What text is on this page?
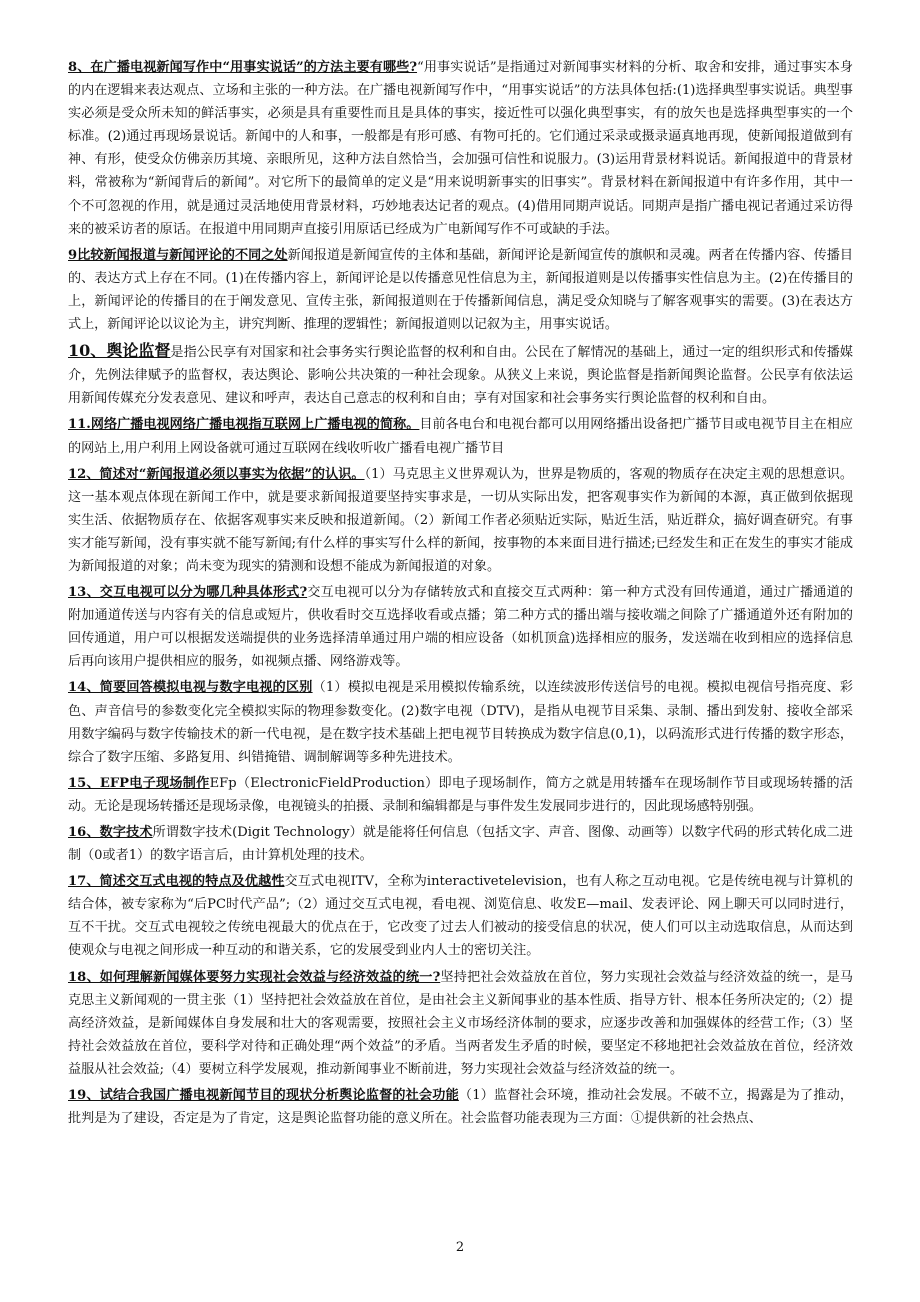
8、在广播电视新闻写作中“用事实说话”的方法主要有哪些?“用事实说话”是指通过对新闻事实材料的分析、取舍和安排，通过事实本身的内在逻辑来表达观点、立场和主张的一种方法。在广播电视新闻写作中，“用事实说话”的方法具体包括:(1)选择典型事实说话。典型事实必须是受众所未知的鲜活事实，必须是具有重要性而且是具体的事实，接近性可以强化典型事实，有的放矢也是选择典型事实的一个标准。(2)通过再现场景说话。新闻中的人和事，一般都是有形可感、有物可托的。它们通过采录或摄录逼真地再现，使新闻报道做到有神、有形，使受众仿佛亲历其境、亲眼所见，这种方法自然恰当，会加强可信性和说服力。(3)运用背景材料说话。新闻报道中的背景材料，常被称为“新闻背后的新闻”。对它所下的最简单的定义是“用来说明新事实的旧事实”。背景材料在新闻报道中有许多作用，其中一个不可忽视的作用，就是通过灵活地使用背景材料，巧妙地表达记者的观点。(4)借用同期声说话。同期声是指广播电视记者通过采访得来的被采访者的原话。在报道中用同期声直接引用原话已经成为广电新闻写作不可或缺的手法。

9比较新闻报道与新闻评论的不同之处新闻报道是新闻宣传的主体和基础，新闻评论是新闻宣传的旗帜和灵魂。两者在传播内容、传播目的、表达方式上存在不同。(1)在传播内容上，新闻评论是以传播意见性信息为主，新闻报道则是以传播事实性信息为主。(2)在传播目的上，新闻评论的传播目的在于阐发意见、宣传主张，新闻报道则在于传播新闻信息，满足受众知晓与了解客观事实的需要。(3)在表达方式上，新闻评论以议论为主，讲究判断、推理的逻辑性；新闻报道则以记叙为主，用事实说话。

10、舆论监督是指公民享有对国家和社会事务实行舆论监督的权利和自由。公民在了解情况的基础上，通过一定的组织形式和传播媒介，先例法律赋予的监督权，表达舆论、影响公共决策的一种社会现象。从狭义上来说，舆论监督是指新闻舆论监督。公民享有依法运用新闻传媒充分发表意见、建议和呼声，表达自己意志的权利和自由；享有对国家和社会事务实行舆论监督的权利和自由。

11.网络广播电视网络广播电视指互联网上广播电视的简称。目前各电台和电视台都可以用网络播出设备把广播节目或电视节目主在相应的网站上,用户利用上网设备就可通过互联网在线收听收广播看电视广播节目

12、简述对“新闻报道必须以事实为依据”的认识。（1）马克思主义世界观认为，世界是物质的，客观的物质存在决定主观的思想意识。这一基本观点体现在新闻工作中，就是要求新闻报道要坚持实事求是，一切从实际出发，把客观事实作为新闻的本源，真正做到依据现实生活、依据物质存在、依据客观事实来反映和报道新闻。（2）新闻工作者必须贴近实际，贴近生活，贴近群众，搞好调查研究。有事实才能写新闻，没有事实就不能写新闻;有什么样的事实写什么样的新闻，按事物的本来面目进行描述;已经发生和正在发生的事实才能成为新闻报道的对象；尚未变为现实的猜测和设想不能成为新闻报道的对象。

13、交互电视可以分为哪几种具体形式?交互电视可以分为存储转放式和直接交互式两种：第一种方式没有回传通道，通过广播通道的附加通道传送与内容有关的信息或短片，供收看时交互选择收看或点播；第二种方式的播出端与接收端之间除了广播通道外还有附加的回传通道，用户可以根据发送端提供的业务选择清单通过用户端的相应设备（如机顶盒)选择相应的服务，发送端在收到相应的选择信息后再向该用户提供相应的服务，如视频点播、网络游戏等。

14、简要回答模拟电视与数字电视的区别（1）模拟电视是采用模拟传输系统，以连续波形传送信号的电视。模拟电视信号指亮度、彩色、声音信号的参数变化完全模拟实际的物理参数变化。(2)数字电视（DTV)，是指从电视节目采集、录制、播出到发射、接收全部采用数字编码与数字传输技术的新一代电视，是在数字技术基础上把电视节目转换成为数字信息(0,1)，以码流形式进行传播的数字形态，综合了数字压缩、多路复用、纠错掩错、调制解调等多种先进技术。

15、EFP电子现场制作EFp（ElectronicFieldProduction）即电子现场制作，简方之就是用转播车在现场制作节目或现场转播的活动。无论是现场转播还是现场录像，电视镜头的拍摄、录制和编辑都是与事件发生发展同步进行的，因此现场感特别强。

16、数字技术所谓数字技术(Digit Technology）就是能将任何信息（包括文字、声音、图像、动画等）以数字代码的形式转化成二进制（0或者1）的数字语言后，由计算机处理的技术。

17、简述交互式电视的特点及优越性交互式电视ITV，全称为interactivetelevision，也有人称之互动电视。它是传统电视与计算机的结合体，被专家称为“后PC时代产品”;（2）通过交互式电视，看电视、浏览信息、收发E—mail、发表评论、网上聊天可以同时进行，互不干扰。交互式电视较之传统电视最大的优点在于，它改变了过去人们被动的接受信息的状况，使人们可以主动选取信息，从而达到使观众与电视之间形成一种互动的和谐关系，它的发展受到业内人士的密切关注。

18、如何理解新闻媒体要努力实现社会效益与经济效益的统一?坚持把社会效益放在首位，努力实现社会效益与经济效益的统一，是马克思主义新闻观的一贯主张（1）坚持把社会效益放在首位，是由社会主义新闻事业的基本性质、指导方针、根本任务所决定的;（2）提高经济效益，是新闻媒体自身发展和壮大的客观需要，按照社会主义市场经济体制的要求，应逐步改善和加强媒体的经营工作;（3）坚持社会效益放在首位，要科学对待和正确处理“两个效益”的矛盾。当两者发生矛盾的时候，要坚定不移地把社会效益放在首位，经济效益服从社会效益;（4）要树立科学发展观，推动新闻事业不断前进，努力实现社会效益与经济效益的统一。

19、试结合我国广播电视新闻节目的现状分析舆论监督的社会功能（1）监督社会环境，推动社会发展。不破不立，揭露是为了推动，批判是为了建设，否定是为了肯定，这是舆论监督功能的意义所在。社会监督功能表现为三方面：①提供新的社会热点、

2
